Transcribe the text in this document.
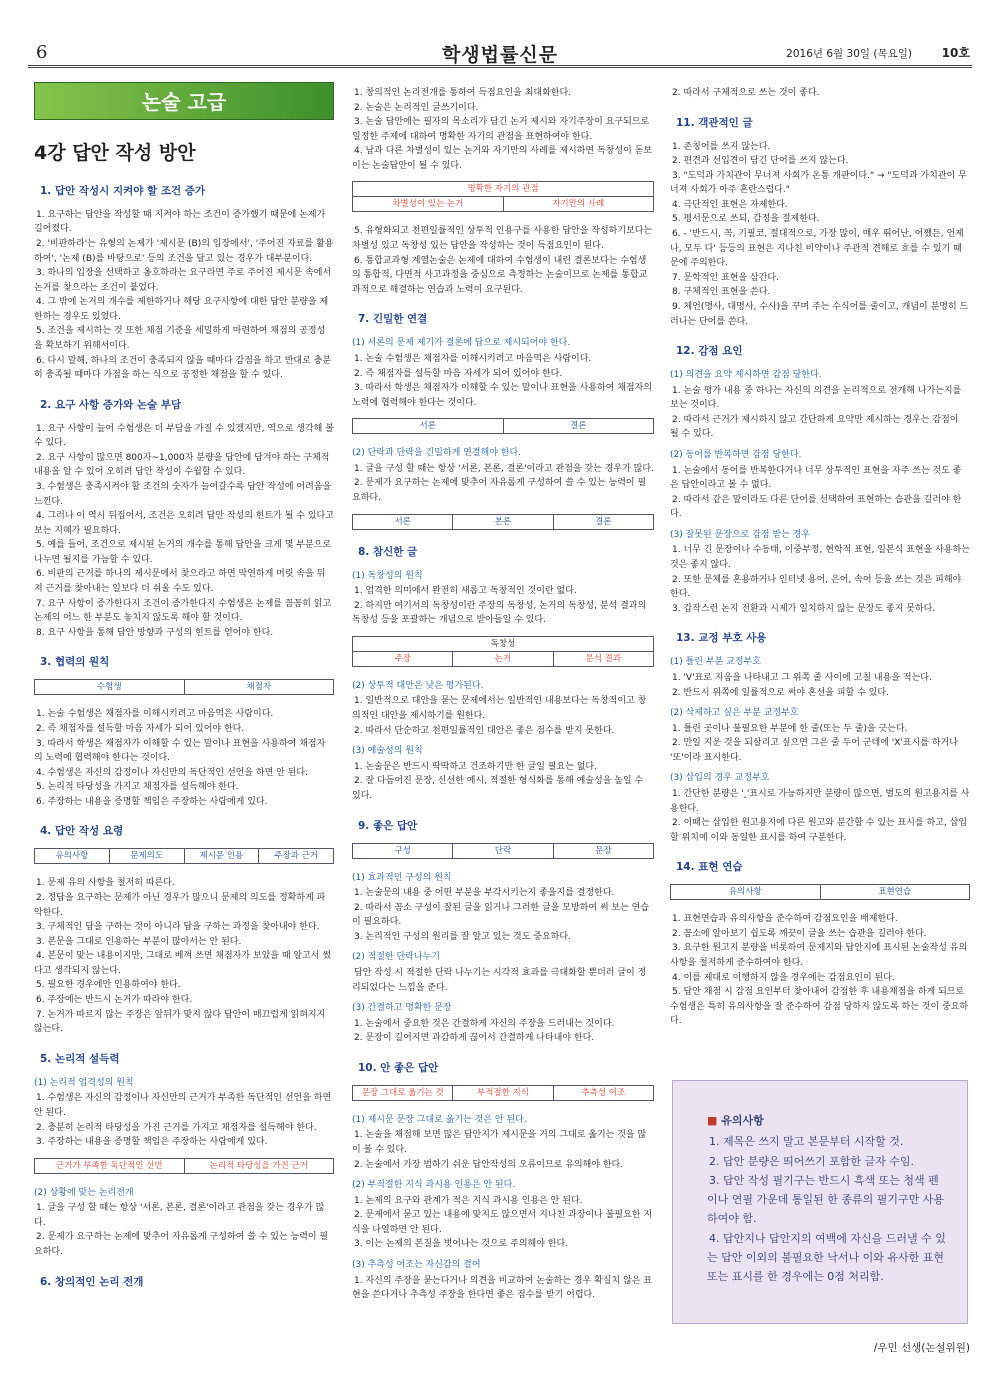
6	학생법률신문	2016년 6월 30일 (목요일) 10호
논술 고급
4강 답안 작성 방안
1. 답안 작성시 지켜야 할 조건 증가

1. 요구하는 답안을 작성할 때 지켜야 하는 조건이 증가했기 때문에 논제가 길어졌다.

2. '비판하라'는 유형의 논제가 '제시문 (B)의 입장에서', '주어진 자료를 활용하여', '논제 (B)를 바탕으로' 등의 조건을 달고 있는 경우가 대부분이다.

3. 하나의 입장을 선택하고 옹호하라는 요구라면 주로 주어진 제시문 속에서 논거를 찾으라는 조건이 붙었다.

4. 그 밖에 논거의 개수를 제한하거나 해당 요구사항에 대한 답안 분량을 제한하는 경우도 있었다.

5. 조건을 제시하는 것 또한 채점 기준을 세밀하게 마련하여 채점의 공정성을 확보하기 위해서이다.

6. 다시 말해, 하나의 조건이 충족되지 않을 때마다 감점을 하고 반대로 충분히 충족될 때마다 가점을 하는 식으로 공정한 채점을 할 수 있다.

2. 요구 사항 증가와 논술 부담

1. 요구 사항이 늘어 수험생은 더 부담을 가질 수 있겠지만, 역으로 생각해 볼 수 있다.

2. 요구 사항이 많으면 800자~1,000자 분량을 답안에 담겨야 하는 구체적 내용을 알 수 있어 오히려 답안 작성이 수월할 수 있다.

3. 수험생은 충족시켜야 할 조건의 숫자가 늘어갈수록 답안 작성에 어려움을 느낀다.

4. 그러나 이 역시 뒤집어서, 조건은 오히려 답안 작성의 힌트가 될 수 있다고 보는 지혜가 필요하다.

5. 예를 들어, 조건으로 제시된 논거의 개수를 통해 답안을 크게 몇 부분으로 나누면 될지를 가늠할 수 있다.

6. 비판의 근거를 하나의 제시문에서 찾으라고 하면 막연하게 머릿 속을 뒤져 근거를 찾아내는 일보다 더 쉬울 수도 있다.

7. 요구 사항이 증가한다지 조건이 증가한다지 수험생은 논제를 꼼꼼히 읽고 논제의 어느 한 부분도 놓치지 않도록 해야 할 것이다.

8. 요구 사항을 통해 답안 방향과 구성의 힌트를 얻어야 한다.

3. 협력의 원칙
수험생	채점자

1. 논술 수험생은 채점자를 이해시키려고 마음먹은 사람이다.

2. 즉 채점자를 설득할 마음 자세가 되어 있어야 한다.

3. 따라서 학생은 채점자가 이해할 수 있는 말이나 표현을 사용하여 채점자의 노력에 협력해야 한다는 것이다.

4. 수험생은 자신의 감정이나 자신만의 독단적인 선언을 하면 안 된다.

5. 논리적 타당성을 가지고 채점자를 설득해야 한다.

6. 주장하는 내용을 증명할 책임은 주장하는 사람에게 있다.

4. 답안 작성 요령
유의사항	문제의도	제시문 인용	주장과 근거

1. 문제 유의 사항을 철저히 따른다.

2. 정답을 요구하는 문제가 아닌 경우가 많으니 문제의 의도를 정확하게 파악한다.

3. 구체적인 답을 구하는 것이 아니라 답을 구하는 과정을 찾아내야 한다.

3. 본문을 그대로 인용하는 부분이 많아서는 안 된다.

4. 본문이 맞는 내용이지만, 그대로 베껴 쓰면 채점자가 보았을 때 알고서 썼다고 생각되지 않는다.

5. 필요한 경우에만 인용하여야 한다.

6. 주장에는 반드시 논거가 따라야 한다.

7. 논거가 따르지 않는 주장은 앞뒤가 맞지 않다 답안이 매끄럽게 읽혀지지 않는다.

5. 논리적 설득력
(1) 논리적 엄격성의 원칙

1. 수험생은 자신의 감정이나 자신만의 근거가 부족한 독단적인 선언을 하면 안 된다.

2. 충분히 논리적 타당성을 가진 근거를 가지고 채점자를 설득해야 한다.

3. 주장하는 내용을 증명할 책임은 주장하는 사람에게 있다.

근거가 부족한 독단적인 선언	논리적 타당성을 가진 근거
(2) 상황에 맞는 논리전개

1. 글을 구성 할 때는 항상 '서론, 본론, 결론'이라고 관점을 갖는 경우가 많다.

2. 문제가 요구하는 논제에 맞추어 자유롭게 구성하여 쓸 수 있는 능력이 필요하다.

6. 창의적인 논리 전개

1. 창의적인 논리전개를 통하여 득점요인을 최대화한다.

2. 논술은 논리적인 글쓰기이다.

3. 논술 답안에는 필자의 목소리가 담긴 논거 제시와 자기주장이 요구되므로 일정한 주제에 대하여 명확한 자기의 관점을 표현하여야 한다.

4. 남과 다른 차별성이 있는 논거와 자기만의 사례를 제시하면 독창성이 돋보이는 논술답안이 될 수 있다.

명확한 자기의 관점
차별성이 있는 논거	자기만의 사례

5. 유형화되고 천편일률적인 상투적 인용구를 사용한 답안을 작성하기보다는 차별성 있고 독창성 있는 답안을 작성하는 것이 득점요인이 된다.

6. 통합교과형 계열논술은 논제에 대하여 수험생이 내린 결론보다는 수험생의 통합적, 다면적 사고과정을 중심으로 측정하는 논술이므로 논제를 통합교과적으로 해결하는 연습과 노력이 요구된다.

7. 긴밀한 연결
(1) 서론의 문제 제기가 결론에 답으로 제시되어야 한다.

1. 논술 수험생은 채점자를 이해시키려고 마음먹은 사람이다.

2. 즉 채점자를 설득할 마음 자세가 되어 있어야 한다.

3. 따라서 학생은 채점자가 이해할 수 있는 말이나 표현을 사용하여 채점자의 노력에 협력해야 한다는 것이다.

서론	결론
(2) 단락과 단락을 긴밀하게 연결해야 한다.

1. 글을 구성 할 때는 항상 '서론, 본론, 결론'이라고 관점을 갖는 경우가 많다.

2. 문제가 요구하는 논제에 맞추어 자유롭게 구성하여 쓸 수 있는 능력이 필요하다.

서론	본론	결론
8. 참신한 글
(1) 독창성의 원칙

1. 엄격한 의미에서 완전히 새롭고 독창적인 것이란 없다.

2. 하지만 여기서의 독창성이란 주장의 독창성, 논거의 독창성, 분석 결과의 독창성 등을 포괄하는 개념으로 받아들일 수 있다.

독창성
주장	논거	분석 결과
(2) 상투적 대안은 낮은 평가된다.

1. 일반적으로 대안을 묻는 문제에서는 일반적인 내용보다는 독창적이고 창의적인 대안을 제시하기를 원한다.

2. 따라서 단순하고 천편일률적인 대안은 좋은 점수를 받지 못한다.

(3) 예술성의 원칙

1. 논술문은 반드시 딱딱하고 건조하기만 한 글일 필요는 없다.

2. 잘 다듬어진 문장, 신선한 예시, 적절한 형식화를 통해 예술성을 높일 수 있다.

9. 좋은 답안
구성	단락	문장
(1) 효과적인 구성의 원칙

1. 논술문의 내용 중 어떤 부분을 부각시키는지 좋을지를 결정한다.

2. 따라서 꼼소 구성이 잘된 글을 읽거나 그러한 글을 모방하여 써 보는 연습이 필요하다.

3. 논리적인 구성의 원리를 잘 알고 있는 것도 중요하다.

(2) 적절한 단락나누기

답안 작성 시 적절한 단락 나누기는 시각적 효과를 극대화할 뿐더러 글이 정리되었다는 느낌을 준다.

(3) 간결하고 명확한 문장

1. 논술에서 중요한 것은 간결하게 자신의 주장을 드러내는 것이다.

2. 문장이 길어지면 과감하게 끊어서 간결하게 나타내야 한다.

10. 안 좋은 답안
문장 그대로 옮기는 것	부적절한 지식	추측성 어조
(1) 제시문 문장 그대로 옮기는 것은 안 된다.

1. 논술을 채점해 보면 많은 답안지가 제시문을 거의 그대로 옮기는 것을 많이 볼 수 있다.

2. 논술에서 가장 범하기 쉬운 답안작성의 오류이므로 유의해야 한다.

(2) 부적절한 지식 과시용 인용은 안 된다.

1. 논제의 요구와 관계가 적은 지식 과시용 인용은 안 된다.

2. 문제에서 묻고 있는 내용에 맞지도 않으면서 지나친 과장이나 불필요한 지식을 나열하면 안 된다.

3. 이는 논제의 본질을 벗어나는 것으로 주의해야 한다.

(3) 추측성 어조는 자신감의 결여

1. 자신의 주장을 묻는다거나 의견을 비교하여 논술하는 경우 확실치 않은 표현을 쓴다거나 추측성 주장을 한다면 좋은 점수를 받기 어렵다.

2. 따라서 구체적으로 쓰는 것이 좋다.

11. 객관적인 글

1. 존칭어를 쓰지 않는다.

2. 편견과 선입견이 담긴 단어를 쓰지 않는다.

3. "도덕과 가치관이 무너져 사회가 온통 개판이다." → "도덕과 가치관이 무너져 사회가 아주 혼란스럽다."

4. 극단적인 표현은 자제한다.

5. 평서문으로 쓰되, 감정을 절제한다.

6. - '반드시, 꼭, 기필코, 절대적으로, 가장 많이, 매우 뛰어난, 어쨌든, 언제나, 모두 다' 등등의 표현은 지나친 비약이나 주관적 견해로 흐를 수 있기 때문에 주의한다.

7. 문학적인 표현을 삼간다.

8. 구체적인 표현을 쓴다.

9. 체언(명사, 대명사, 수사)을 꾸며 주는 수식어를 줄이고, 개념이 분명히 드러나는 단어를 쓴다.

12. 감점 요인
(1) 의견을 요약 제시하면 감점 당한다.

1. 논술 평가 내용 중 하나는 자신의 의견을 논리적으로 전개해 나가는지를 보는 것이다.

2. 따라서 근거가 제시하지 않고 간단하게 요약만 제시하는 경우는 감점이 될 수 있다.

(2) 동어를 반복하면 감점 당한다.

1. 논술에서 동어를 반복한다거나 너무 상투적인 표현을 자주 쓰는 것도 좋은 답안이라고 볼 수 없다.

2. 따라서 같은 말이라도 다른 단어를 선택하여 표현하는 습관을 길러야 한다.

(3) 잘못된 문장으로 감점 받는 경우

1. 너무 긴 문장이나 수동태, 이중부정, 현학적 표현, 일본식 표현을 사용하는 것은 좋지 않다.

2. 또한 문체를 혼용하거나 인터넷 용어, 은어, 속어 등을 쓰는 것은 피해야 한다.

3. 갑작스런 논지 전환과 시제가 일치하지 않는 문장도 좋지 못하다.

13. 교정 부호 사용
(1) 틀린 부분 교정부호

1. 'V'표로 지움을 나타내고 그 위쪽 줄 사이에 고칠 내용을 적는다.

2. 반드시 위쪽에 일률적으로 써야 혼선을 피할 수 있다.

(2) 삭제하고 싶은 부분 교정부호

1. 틀린 곳이나 불필요한 부분에 한 줄(또는 두 줄)을 긋는다.

2. 만일 지운 것을 되살리고 싶으면 그은 줄 두어 군데에 'X'표시를 하거나 '또'이라 표시한다.

(3) 삽입의 경우 교정부호

1. 간단한 분량은 '‸'표시로 가능하지만 분량이 많으면, 별도의 원고용지를 사용한다.

2. 이때는 삽입한 원고용지에 다른 원고와 분간할 수 있는 표시를 하고, 삽입할 위치에 이와 동일한 표시를 하여 구분한다.

14. 표현 연습
유의사항	표현연습

1. 표현연습과 유의사항을 준수하여 감점요인을 배제한다.

2. 꼼소에 알아보기 쉽도록 깨끗이 글을 쓰는 습관을 길러야 한다.

3. 요구한 원고지 분량을 비롯하여 문제지와 답안지에 표시된 논술작성 유의사항을 철저하게 준수하여야 한다.

4. 이를 제대로 이행하지 않을 경우에는 감점요인이 된다.

5. 답안 채점 시 감점 요인부터 찾아내어 감점한 후 내용채점을 하게 되므로 수험생은 특히 유의사항을 잘 준수하여 감점 당하지 않도록 하는 것이 중요하다.

■ 유의사항

1. 제목은 쓰지 말고 본문부터 시작할 것.

2. 답안 분량은 띄어쓰기 포함한 글자 수임.

3. 답안 작성 필기구는 반드시 흑색 또는 청색 펜이나 연필 가운데 통일된 한 종류의 필기구만 사용하여야 함.

4. 답안지나 답안지의 여백에 자신을 드러낼 수 있는 답안 이외의 불필요한 낙서나 이와 유사한 표현 또는 표시를 한 경우에는 0점 처리함.

/우민 선생(논설위원)
